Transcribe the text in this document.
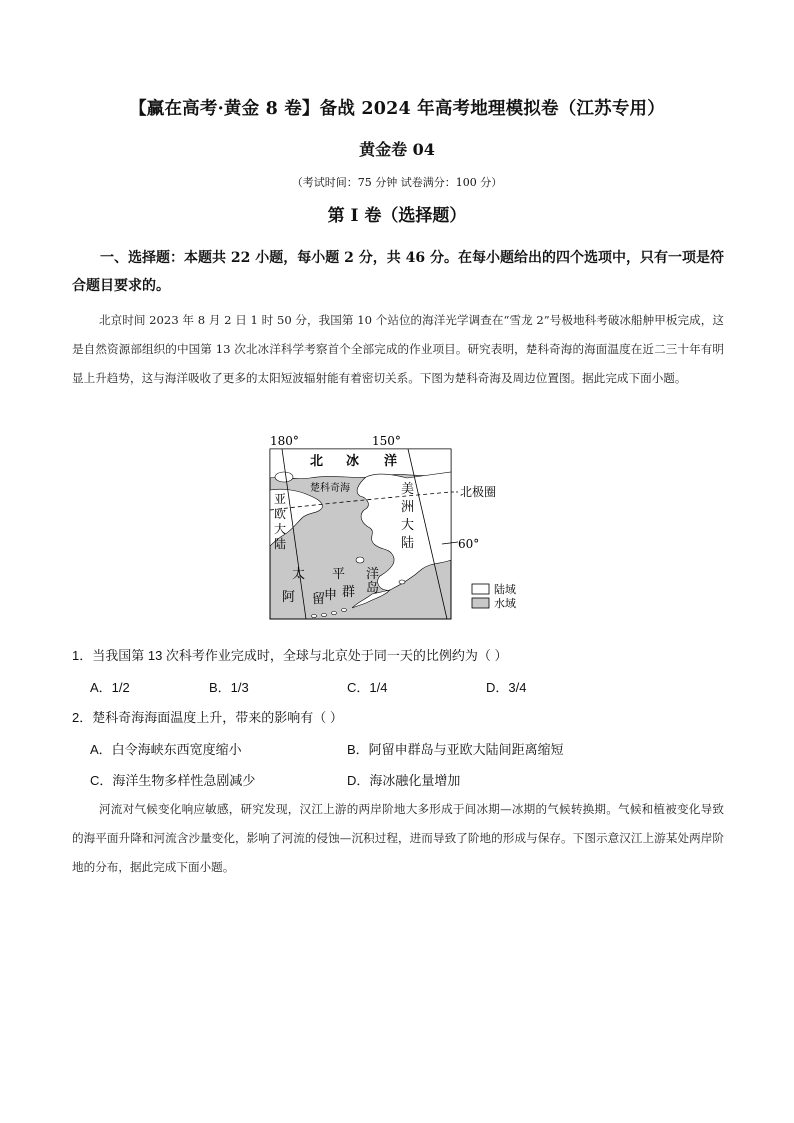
【赢在高考·黄金 8 卷】备战 2024 年高考地理模拟卷（江苏专用）
黄金卷 04
（考试时间：75 分钟 试卷满分：100 分）
第 I 卷（选择题）
一、选择题：本题共 22 小题，每小题 2 分，共 46 分。在每小题给出的四个选项中，只有一项是符合题目要求的。
北京时间 2023 年 8 月 2 日 1 时 50 分，我国第 10 个站位的海洋光学调查在“雪龙 2”号极地科考破冰船舯甲板完成，这是自然资源部组织的中国第 13 次北冰洋科学考察首个全部完成的作业项目。研究表明，楚科奇海的海面温度在近二三十年有明显上升趋势，这与海洋吸收了更多的太阳短波辐射能有着密切关系。下图为楚科奇海及周边位置图。据此完成下面小题。
180°	150°
北 冰 洋
楚科奇海	美
洲
大
陆
亚
欧
大
陆
北极圈
60°
太 平 洋
阿 留
申 群 岛	陆域
水域
1．当我国第 13 次科考作业完成时，全球与北京处于同一天的比例约为（ ）
A．1/2	B．1/3	C．1/4	D．3/4
2．楚科奇海海面温度上升，带来的影响有（ ）
A．白令海峡东西宽度缩小	B．阿留申群岛与亚欧大陆间距离缩短
C．海洋生物多样性急剧减少	D．海冰融化量增加
河流对气候变化响应敏感，研究发现，汉江上游的两岸阶地大多形成于间冰期—冰期的气候转换期。气候和植被变化导致的海平面升降和河流含沙量变化，影响了河流的侵蚀—沉积过程，进而导致了阶地的形成与保存。下图示意汉江上游某处两岸阶地的分布，据此完成下面小题。
